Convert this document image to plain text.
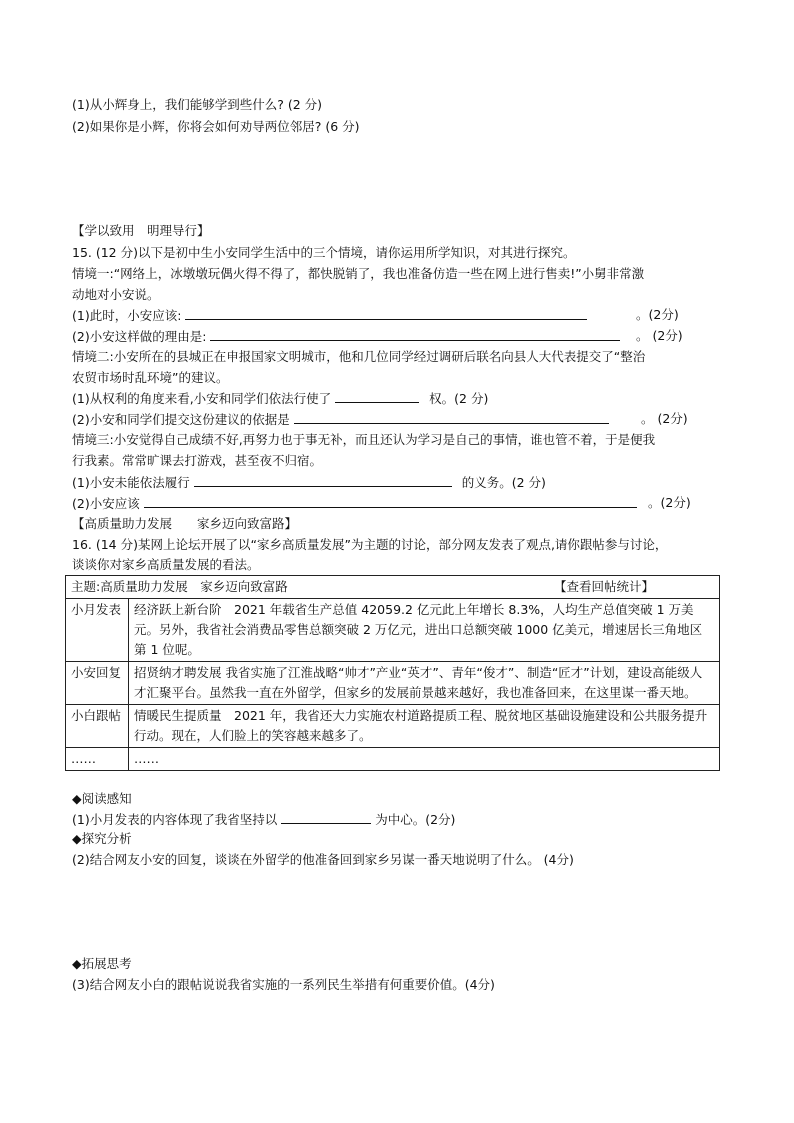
(1)从小辉身上，我们能够学到些什么? (2 分)
(2)如果你是小辉，你将会如何劝导两位邻居? (6 分)
【学以致用　明理导行】
15. (12 分)以下是初中生小安同学生活中的三个情境，请你运用所学知识，对其进行探究。
情境一:“网络上，冰墩墩玩偶火得不得了，都快脱销了，我也准备仿造一些在网上进行售卖!”小舅非常激
动地对小安说。
(1)此时，小安应该:	。(2分)
(2)小安这样做的理由是:	。 (2分)
情境二:小安所在的县城正在申报国家文明城市，他和几位同学经过调研后联名向县人大代表提交了“整治
农贸市场时乱环境”的建议。
(1)从权利的角度来看,小安和同学们依法行使了	权。(2 分)
(2)小安和同学们提交这份建议的依据是	。 (2分)
情境三:小安觉得自己成绩不好,再努力也于事无补，而且还认为学习是自己的事情，谁也管不着，于是便我
行我素。常常旷课去打游戏，甚至夜不归宿。
(1)小安未能依法履行	的义务。(2 分)
(2)小安应该	。(2分)
【高质量助力发展　　家乡迈向致富路】
16. (14 分)某网上论坛开展了以“家乡高质量发展”为主题的讨论，部分网友发表了观点,请你跟帖参与讨论，
谈谈你对家乡高质量发展的看法。
主题:高质量助力发展　家乡迈向致富路 【查看回帖统计】	

小月发表	经济跃上新台阶　2021 年载省生产总值 42059.2 亿元此上年增长 8.3%，人均生产总值突破 1 万美元。另外，我省社会消费品零售总额突破 2 万亿元，进出口总额突破 1000 亿美元，增速居长三角地区第 1 位呢。
小安回复	招贤纳才聘发展 我省实施了江淮战略“帅才”产业“英才”、青年“俊才”、制造“匠才”计划，建设高能级人才汇聚平台。虽然我一直在外留学，但家乡的发展前景越来越好，我也准备回来，在这里谋一番天地。
小白跟帖	情暖民生提质量　2021 年，我省还大力实施农村道路提质工程、脱贫地区基础设施建设和公共服务提升行动。现在，人们脸上的笑容越来越多了。
……	……
◆阅读感知
(1)小月发表的内容体现了我省坚持以	为中心。(2分)
◆探究分析
(2)结合网友小安的回复，谈谈在外留学的他准备回到家乡另谋一番天地说明了什么。 (4分)
◆拓展思考
(3)结合网友小白的跟帖说说我省实施的一系列民生举措有何重要价值。(4分)
